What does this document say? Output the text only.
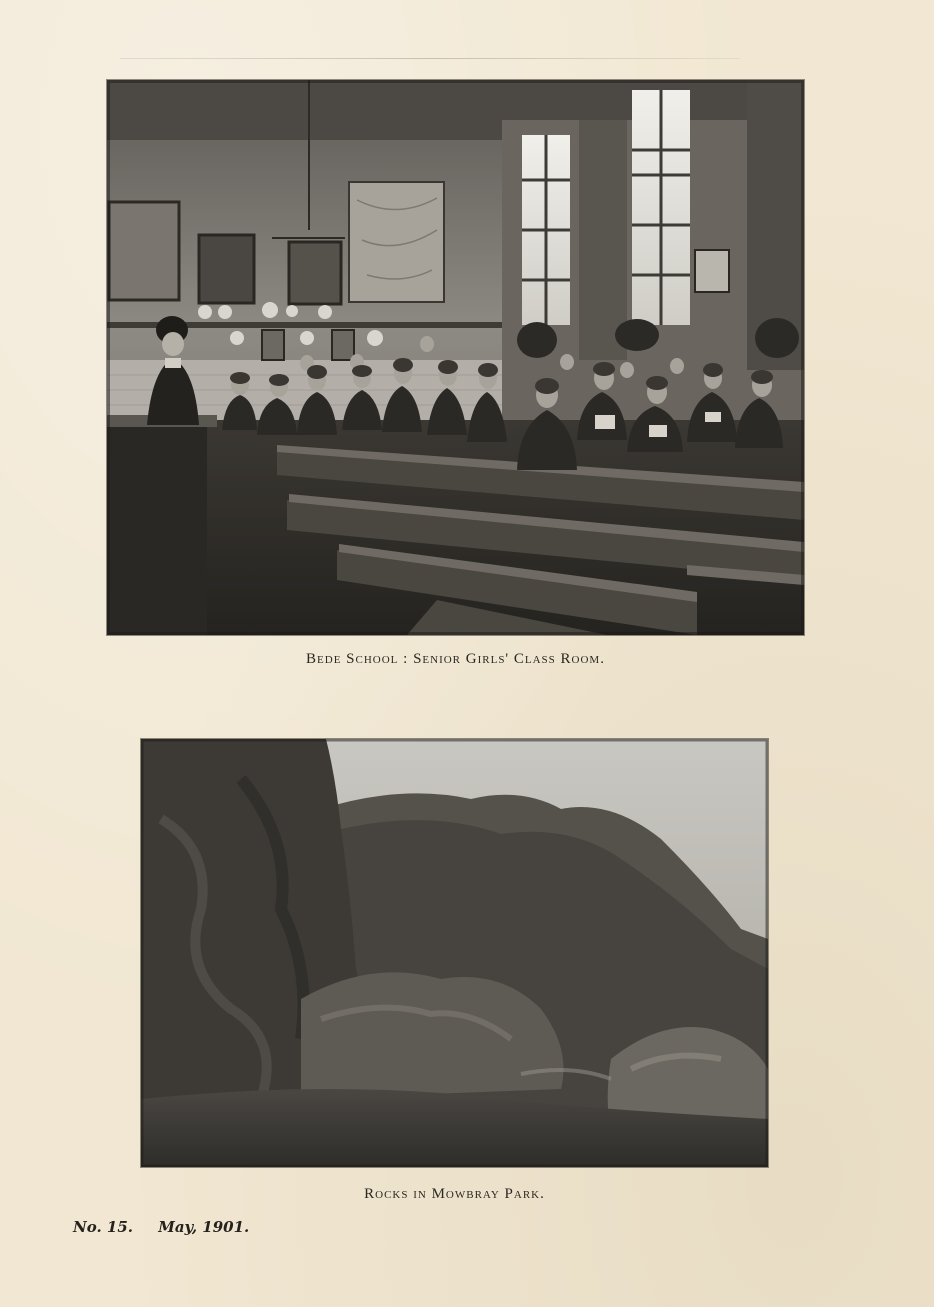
Bede School : Senior Girls' Class Room.
Rocks in Mowbray Park.
No. 15. May, 1901.
